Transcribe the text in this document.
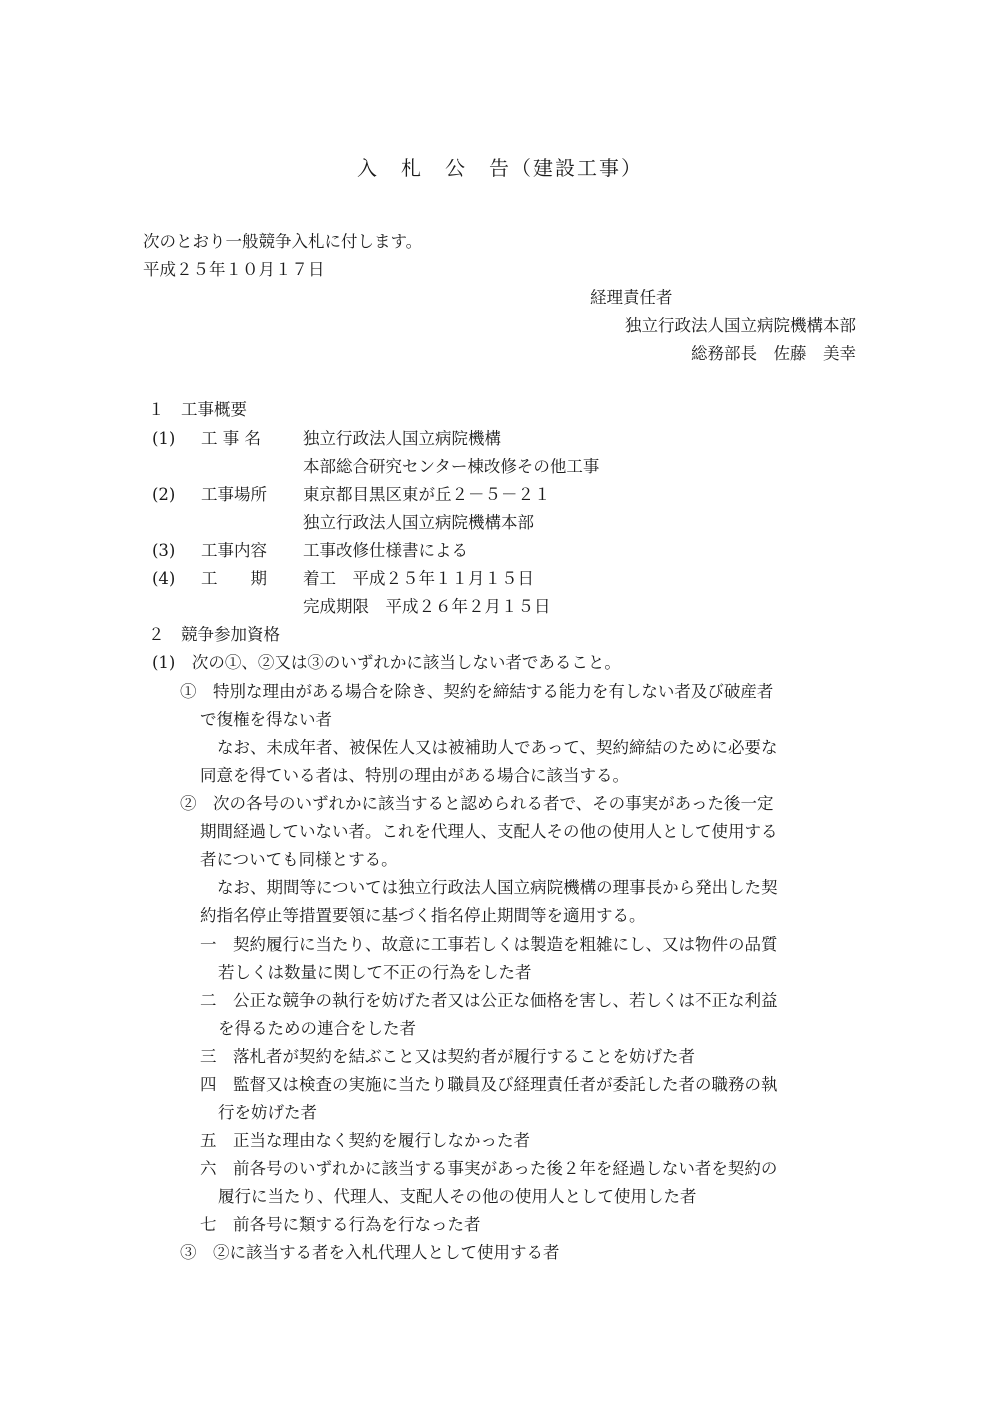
入　札　公　告（建設工事）
次のとおり一般競争入札に付します。
平成２５年１０月１７日
経理責任者
独立行政法人国立病院機構本部
総務部長　佐藤　美幸
１　工事概要
(1) 工 事 名	独立行政法人国立病院機構
本部総合研究センター棟改修その他工事
(2) 工事場所 東京都目黒区東が丘２－５－２１
独立行政法人国立病院機構本部
(3) 工事内容 工事改修仕様書による
(4) 工　　期 着工　平成２５年１１月１５日
完成期限　平成２６年２月１５日
２　競争参加資格
(1)　次の①、②又は③のいずれかに該当しない者であること。
①　特別な理由がある場合を除き、契約を締結する能力を有しない者及び破産者
で復権を得ない者
なお、未成年者、被保佐人又は被補助人であって、契約締結のために必要な
同意を得ている者は、特別の理由がある場合に該当する。
②　次の各号のいずれかに該当すると認められる者で、その事実があった後一定
期間経過していない者。これを代理人、支配人その他の使用人として使用する
者についても同様とする。
なお、期間等については独立行政法人国立病院機構の理事長から発出した契
約指名停止等措置要領に基づく指名停止期間等を適用する。
一　契約履行に当たり、故意に工事若しくは製造を粗雑にし、又は物件の品質
若しくは数量に関して不正の行為をした者
二　公正な競争の執行を妨げた者又は公正な価格を害し、若しくは不正な利益
を得るための連合をした者
三　落札者が契約を結ぶこと又は契約者が履行することを妨げた者
四　監督又は検査の実施に当たり職員及び経理責任者が委託した者の職務の執
行を妨げた者
五　正当な理由なく契約を履行しなかった者
六　前各号のいずれかに該当する事実があった後２年を経過しない者を契約の
履行に当たり、代理人、支配人その他の使用人として使用した者
七　前各号に類する行為を行なった者
③　②に該当する者を入札代理人として使用する者
